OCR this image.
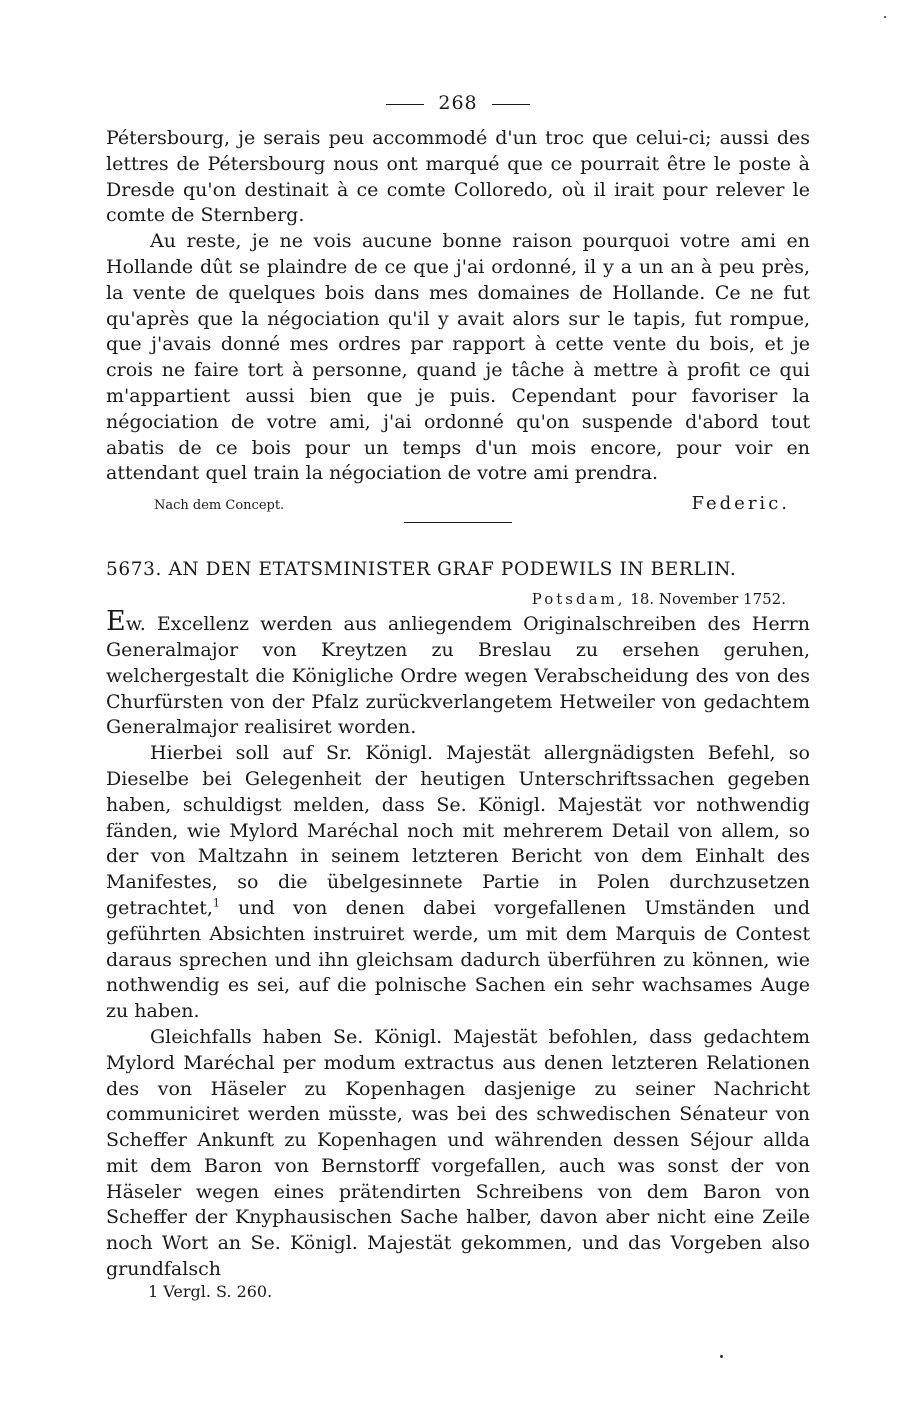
268

Pétersbourg, je serais peu accommodé d'un troc que celui-ci; aussi des lettres de Pétersbourg nous ont marqué que ce pourrait être le poste à Dresde qu'on destinait à ce comte Colloredo, où il irait pour relever le comte de Sternberg.

Au reste, je ne vois aucune bonne raison pourquoi votre ami en Hollande dût se plaindre de ce que j'ai ordonné, il y a un an à peu près, la vente de quelques bois dans mes domaines de Hollande. Ce ne fut qu'après que la négociation qu'il y avait alors sur le tapis, fut rompue, que j'avais donné mes ordres par rapport à cette vente du bois, et je crois ne faire tort à personne, quand je tâche à mettre à profit ce qui m'appartient aussi bien que je puis. Cependant pour favoriser la négociation de votre ami, j'ai ordonné qu'on suspende d'abord tout abatis de ce bois pour un temps d'un mois encore, pour voir en attendant quel train la négociation de votre ami prendra.

Nach dem Concept.	Federic.
5673. AN DEN ETATSMINISTER GRAF PODEWILS IN BERLIN.
Potsdam, 18. November 1752.

Ew. Excellenz werden aus anliegendem Originalschreiben des Herrn Generalmajor von Kreytzen zu Breslau zu ersehen geruhen, welchergestalt die Königliche Ordre wegen Verabscheidung des von des Churfürsten von der Pfalz zurückverlangetem Hetweiler von gedachtem Generalmajor realisiret worden.

Hierbei soll auf Sr. Königl. Majestät allergnädigsten Befehl, so Dieselbe bei Gelegenheit der heutigen Unterschriftssachen gegeben haben, schuldigst melden, dass Se. Königl. Majestät vor nothwendig fänden, wie Mylord Maréchal noch mit mehrerem Detail von allem, so der von Maltzahn in seinem letzteren Bericht von dem Einhalt des Manifestes, so die übelgesinnete Partie in Polen durchzusetzen getrachtet,$^1$ und von denen dabei vorgefallenen Umständen und geführten Absichten instruiret werde, um mit dem Marquis de Contest daraus sprechen und ihn gleichsam dadurch überführen zu können, wie nothwendig es sei, auf die polnische Sachen ein sehr wachsames Auge zu haben.

Gleichfalls haben Se. Königl. Majestät befohlen, dass gedachtem Mylord Maréchal per modum extractus aus denen letzteren Relationen des von Häseler zu Kopenhagen dasjenige zu seiner Nachricht communiciret werden müsste, was bei des schwedischen Sénateur von Scheffer Ankunft zu Kopenhagen und währenden dessen Séjour allda mit dem Baron von Bernstorff vorgefallen, auch was sonst der von Häseler wegen eines prätendirten Schreibens von dem Baron von Scheffer der Knyphausischen Sache halber, davon aber nicht eine Zeile noch Wort an Se. Königl. Majestät gekommen, und das Vorgeben also grundfalsch

1 Vergl. S. 260.
